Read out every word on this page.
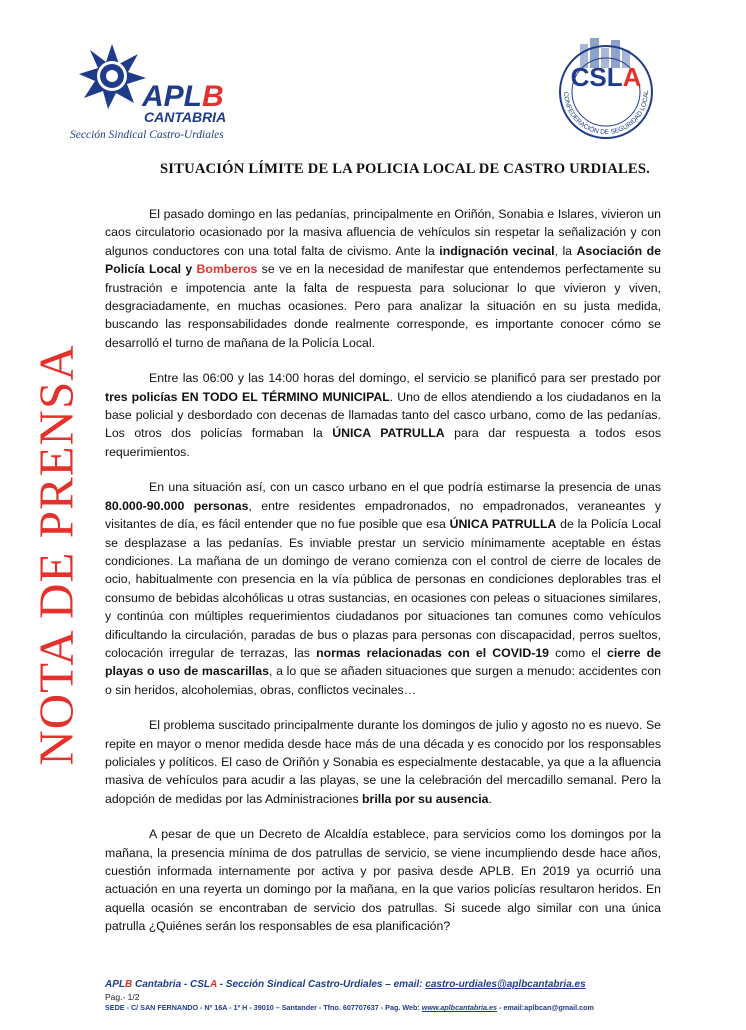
APLB
CANTABRIA
Sección Sindical Castro-Urdiales
CSLA
CONFEDERACIÓN DE SEGURIDAD LOCAL
NOTA DE PRENSA
SITUACIÓN LÍMITE DE LA POLICIA LOCAL DE CASTRO URDIALES.

El pasado domingo en las pedanías, principalmente en Oriñón, Sonabia e Islares, vivieron un caos circulatorio ocasionado por la masiva afluencia de vehículos sin respetar la señalización y con algunos conductores con una total falta de civismo. Ante la indignación vecinal, la Asociación de Policía Local y Bomberos se ve en la necesidad de manifestar que entendemos perfectamente su frustración e impotencia ante la falta de respuesta para solucionar lo que vivieron y viven, desgraciadamente, en muchas ocasiones. Pero para analizar la situación en su justa medida, buscando las responsabilidades donde realmente corresponde, es importante conocer cómo se desarrolló el turno de mañana de la Policía Local.

Entre las 06:00 y las 14:00 horas del domingo, el servicio se planificó para ser prestado por tres policías EN TODO EL TÉRMINO MUNICIPAL. Uno de ellos atendiendo a los ciudadanos en la base policial y desbordado con decenas de llamadas tanto del casco urbano, como de las pedanías. Los otros dos policías formaban la ÚNICA PATRULLA para dar respuesta a todos esos requerimientos.

En una situación así, con un casco urbano en el que podría estimarse la presencia de unas 80.000-90.000 personas, entre residentes empadronados, no empadronados, veraneantes y visitantes de día, es fácil entender que no fue posible que esa ÚNICA PATRULLA de la Policía Local se desplazase a las pedanías. Es inviable prestar un servicio mínimamente aceptable en éstas condiciones. La mañana de un domingo de verano comienza con el control de cierre de locales de ocio, habitualmente con presencia en la vía pública de personas en condiciones deplorables tras el consumo de bebidas alcohólicas u otras sustancias, en ocasiones con peleas o situaciones similares, y continúa con múltiples requerimientos ciudadanos por situaciones tan comunes como vehículos dificultando la circulación, paradas de bus o plazas para personas con discapacidad, perros sueltos, colocación irregular de terrazas, las normas relacionadas con el COVID-19 como el cierre de playas o uso de mascarillas, a lo que se añaden situaciones que surgen a menudo: accidentes con o sin heridos, alcoholemias, obras, conflictos vecinales…

El problema suscitado principalmente durante los domingos de julio y agosto no es nuevo. Se repite en mayor o menor medida desde hace más de una década y es conocido por los responsables policiales y políticos. El caso de Oriñón y Sonabia es especialmente destacable, ya que a la afluencia masiva de vehículos para acudir a las playas, se une la celebración del mercadillo semanal. Pero la adopción de medidas por las Administraciones brilla por su ausencia.

A pesar de que un Decreto de Alcaldía establece, para servicios como los domingos por la mañana, la presencia mínima de dos patrullas de servicio, se viene incumpliendo desde hace años, cuestión informada internamente por activa y por pasiva desde APLB. En 2019 ya ocurrió una actuación en una reyerta un domingo por la mañana, en la que varios policías resultaron heridos. En aquella ocasión se encontraban de servicio dos patrullas. Si sucede algo similar con una única patrulla ¿Quiénes serán los responsables de esa planificación?

APLB Cantabria - CSLA - Sección Sindical Castro-Urdiales – email: castro-urdiales@aplbcantabria.es
Pag.- 1/2
SEDE - C/ SAN FERNANDO - Nº 16A - 1º H - 39010 – Santander - Tfno. 607707637 - Pag. Web: www.aplbcantabria.es - email:aplbcan@gmail.com
